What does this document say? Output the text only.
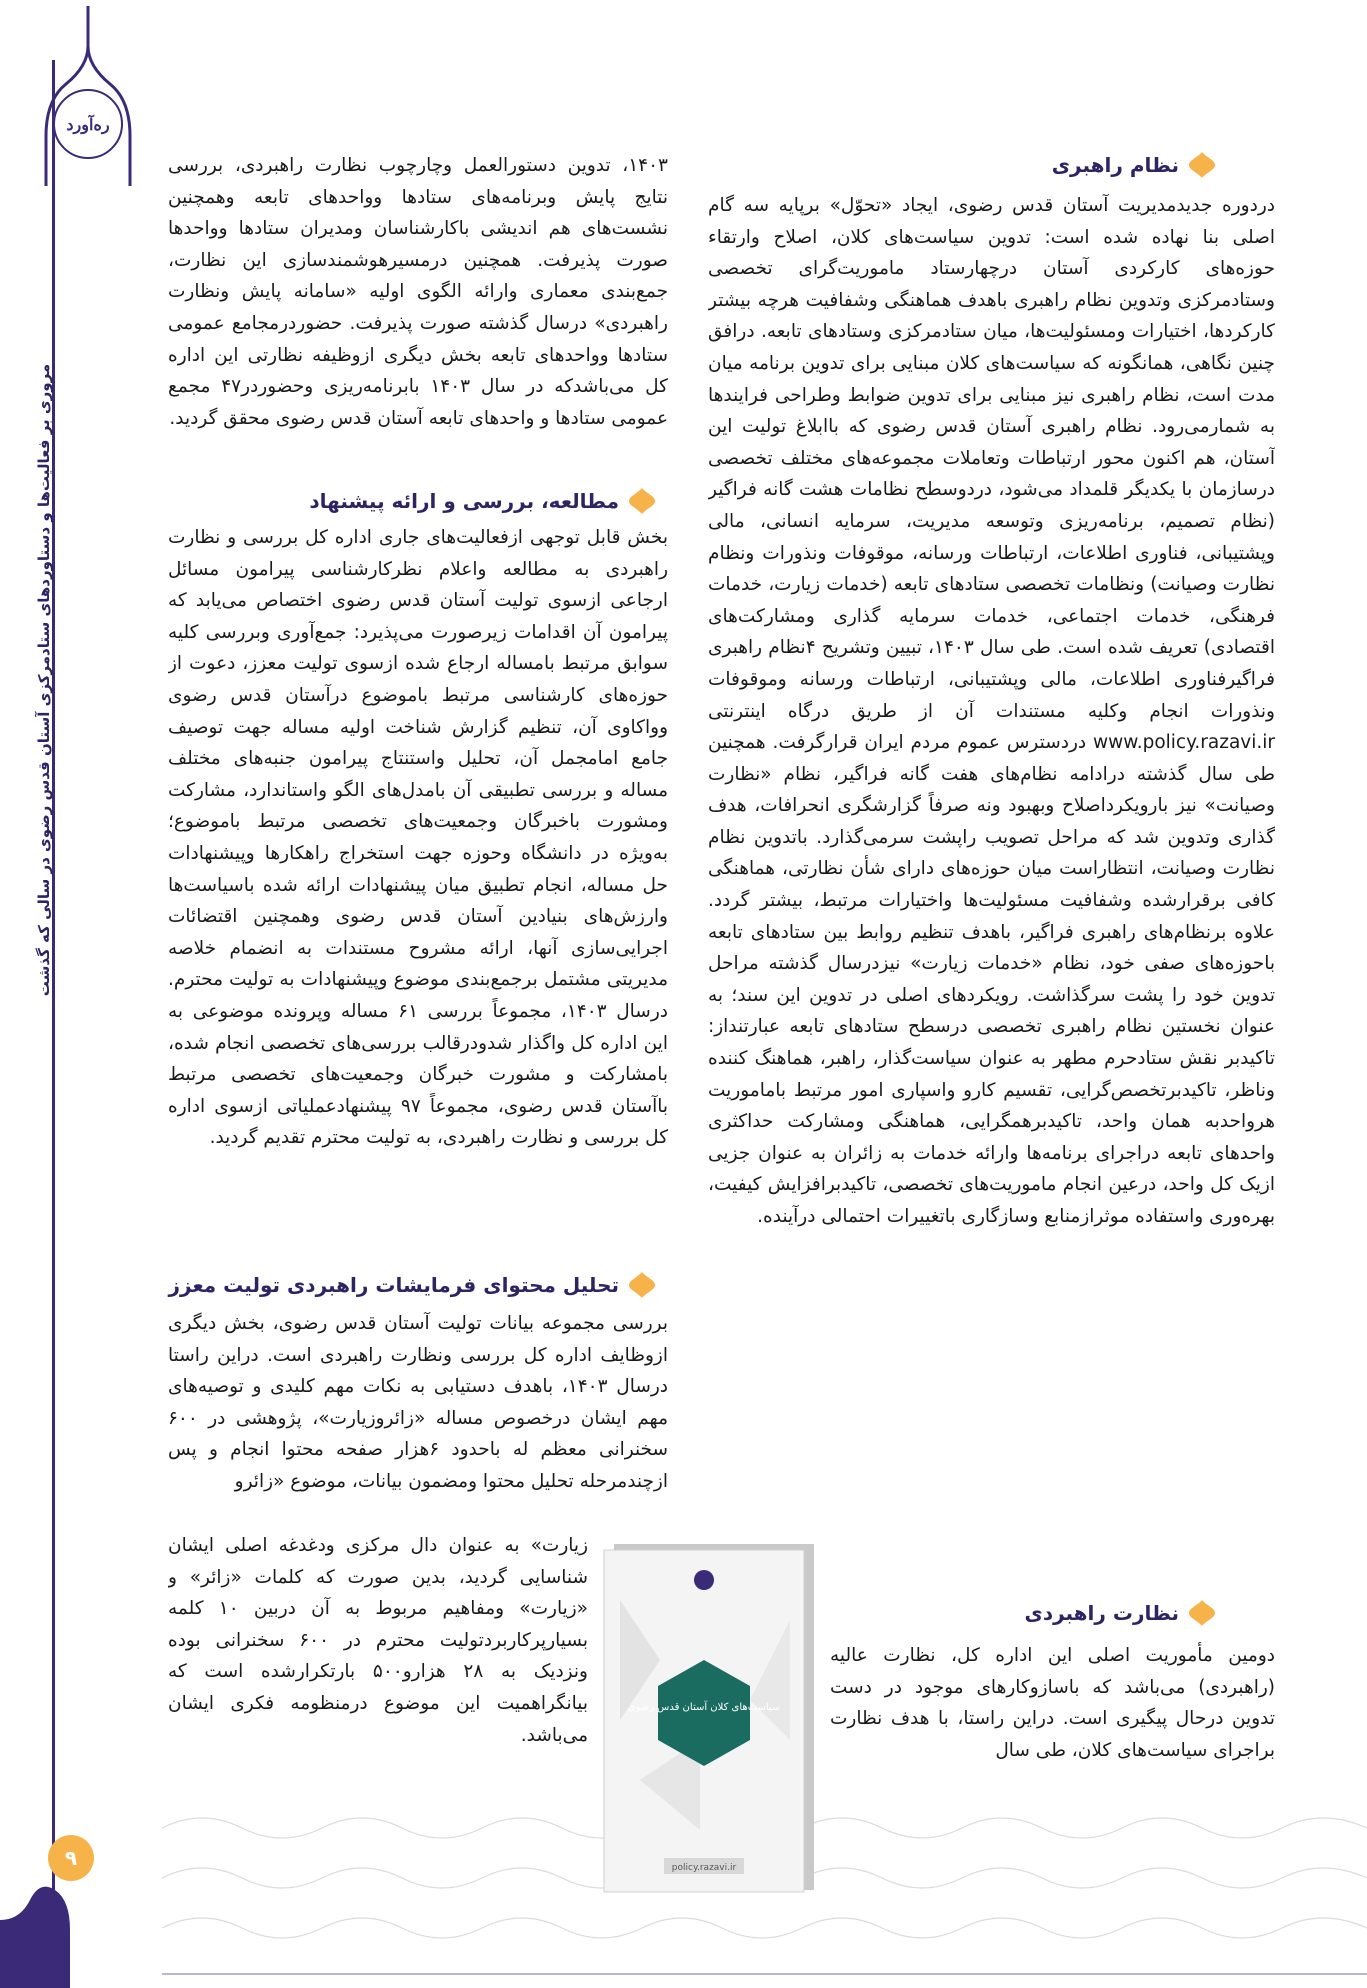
ره‌آورد
مروری بر فعالیت‌ها و دستاوردهای ستادمرکزی آستان قدس رضوی در سالی که گذشت
۹
نظام راهبری

دردوره جدیدمدیریت آستان قدس رضوی، ایجاد «تحوّل» برپایه سه گام اصلی بنا نهاده شده است: تدوین سیاست‌های کلان، اصلاح وارتقاء حوزه‌های کارکردی آستان درچهارستاد ماموریت‌گرای تخصصی وستادمرکزی وتدوین نظام راهبری باهدف هماهنگی وشفافیت هرچه بیشتر کارکردها، اختیارات ومسئولیت‌ها، میان ستادمرکزی وستادهای تابعه. درافق چنین نگاهی، همانگونه که سیاست‌های کلان مبنایی برای تدوین برنامه میان مدت است، نظام راهبری نیز مبنایی برای تدوین ضوابط وطراحی فرایندها به شمارمی‌رود. نظام راهبری آستان قدس رضوی که باابلاغ تولیت این آستان، هم اکنون محور ارتباطات وتعاملات مجموعه‌های مختلف تخصصی درسازمان با یکدیگر قلمداد می‌شود، دردوسطح نظامات هشت گانه فراگیر (نظام تصمیم، برنامه‌ریزی وتوسعه مدیریت، سرمایه انسانی، مالی وپشتیبانی، فناوری اطلاعات، ارتباطات ورسانه، موقوفات ونذورات ونظام نظارت وصیانت) ونظامات تخصصی ستادهای تابعه (خدمات زیارت، خدمات فرهنگی، خدمات اجتماعی، خدمات سرمایه گذاری ومشارکت‌های اقتصادی) تعریف شده است. طی سال ۱۴۰۳، تبیین وتشریح ۴نظام راهبری فراگیرفناوری اطلاعات، مالی وپشتیبانی، ارتباطات ورسانه وموقوفات ونذورات انجام وکلیه مستندات آن از طریق درگاه اینترنتی www.policy.razavi.ir دردسترس عموم مردم ایران قرارگرفت. همچنین طی سال گذشته درادامه نظام‌های هفت گانه فراگیر، نظام «نظارت وصیانت» نیز بارویکرداصلاح وبهبود ونه صرفاً گزارشگری انحرافات، هدف گذاری وتدوین شد که مراحل تصویب راپشت سرمی‌گذارد. باتدوین نظام نظارت وصیانت، انتظاراست میان حوزه‌های دارای شأن نظارتی، هماهنگی کافی برقرارشده وشفافیت مسئولیت‌ها واختیارات مرتبط، بیشتر گردد. علاوه برنظام‌های راهبری فراگیر، باهدف تنظیم روابط بین ستادهای تابعه باحوزه‌های صفی خود، نظام «خدمات زیارت» نیزدرسال گذشته مراحل تدوین خود را پشت سرگذاشت. رویکردهای اصلی در تدوین این سند؛ به عنوان نخستین نظام راهبری تخصصی درسطح ستادهای تابعه عبارتنداز: تاکیدبر نقش ستادحرم مطهر به عنوان سیاست‌گذار، راهبر، هماهنگ کننده وناظر، تاکیدبرتخصص‌گرایی، تقسیم کارو واسپاری امور مرتبط باماموریت هرواحدبه همان واحد، تاکیدبرهمگرایی، هماهنگی ومشارکت حداکثری واحدهای تابعه دراجرای برنامه‌ها وارائه خدمات به زائران به عنوان جزیی ازیک کل واحد، درعین انجام ماموریت‌های تخصصی، تاکیدبرافزایش کیفیت، بهره‌وری واستفاده موثرازمنابع وسازگاری باتغییرات احتمالی درآینده.

نظارت راهبردی

دومین مأموریت اصلی این اداره کل، نظارت عالیه (راهبردی) می‌باشد که باسازوکارهای موجود در دست تدوین درحال پیگیری است. دراین راستا، با هدف نظارت براجرای سیاست‌های کلان، طی سال

۱۴۰۳، تدوین دستورالعمل وچارچوب نظارت راهبردی، بررسی نتایج پایش وبرنامه‌های ستادها وواحدهای تابعه وهمچنین نشست‌های هم اندیشی باکارشناسان ومدیران ستادها وواحدها صورت پذیرفت. همچنین درمسیرهوشمندسازی این نظارت، جمع‌بندی معماری وارائه الگوی اولیه «سامانه پایش ونظارت راهبردی» درسال گذشته صورت پذیرفت. حضوردرمجامع عمومی ستادها وواحدهای تابعه بخش دیگری ازوظیفه نظارتی این اداره کل می‌باشدکه در سال ۱۴۰۳ بابرنامه‌ریزی وحضوردر۴۷ مجمع عمومی ستادها و واحدهای تابعه آستان قدس رضوی محقق گردید.

مطالعه، بررسی و ارائه پیشنهاد

بخش قابل توجهی ازفعالیت‌های جاری اداره کل بررسی و نظارت راهبردی به مطالعه واعلام نظرکارشناسی پیرامون مسائل ارجاعی ازسوی تولیت آستان قدس رضوی اختصاص می‌یابد که پیرامون آن اقدامات زیرصورت می‌پذیرد: جمع‌آوری وبررسی کلیه سوابق مرتبط بامساله ارجاع شده ازسوی تولیت معزز، دعوت از حوزه‌های کارشناسی مرتبط باموضوع درآستان قدس رضوی وواکاوی آن، تنظیم گزارش شناخت اولیه مساله جهت توصیف جامع امامجمل آن، تحلیل واستنتاج پیرامون جنبه‌های مختلف مساله و بررسی تطبیقی آن بامدل‌های الگو واستاندارد، مشارکت ومشورت باخبرگان وجمعیت‌های تخصصی مرتبط باموضوع؛ به‌ویژه در دانشگاه وحوزه جهت استخراج راهکارها وپیشنهادات حل مساله، انجام تطبیق میان پیشنهادات ارائه شده باسیاست‌ها وارزش‌های بنیادین آستان قدس رضوی وهمچنین اقتضائات اجرایی‌سازی آنها، ارائه مشروح مستندات به انضمام خلاصه مدیریتی مشتمل برجمع‌بندی موضوع وپیشنهادات به تولیت محترم. درسال ۱۴۰۳، مجموعاً بررسی ۶۱ مساله وپرونده موضوعی به این اداره کل واگذار شدودرقالب بررسی‌های تخصصی انجام شده، بامشارکت و مشورت خبرگان وجمعیت‌های تخصصی مرتبط باآستان قدس رضوی، مجموعاً ۹۷ پیشنهادعملیاتی ازسوی اداره کل بررسی و نظارت راهبردی، به تولیت محترم تقدیم گردید.

تحلیل محتوای فرمایشات راهبردی تولیت معزز

بررسی مجموعه بیانات تولیت آستان قدس رضوی، بخش دیگری ازوظایف اداره کل بررسی ونظارت راهبردی است. دراین راستا درسال ۱۴۰۳، باهدف دستیابی به نکات مهم کلیدی و توصیه‌های مهم ایشان درخصوص مساله «زائروزیارت»، پژوهشی در ۶۰۰ سخنرانی معظم له باحدود ۶هزار صفحه محتوا انجام و پس ازچندمرحله تحلیل محتوا ومضمون بیانات، موضوع «زائرو

زیارت» به عنوان دال مرکزی ودغدغه اصلی ایشان شناسایی گردید، بدین صورت که کلمات «زائر» و «زیارت» ومفاهیم مربوط به آن دربین ۱۰ کلمه بسیارپرکاربردتولیت محترم در ۶۰۰ سخنرانی بوده ونزدیک به ۲۸ هزارو۵۰۰ بارتکرارشده است که بیانگراهمیت این موضوع درمنظومه فکری ایشان می‌باشد.

سیاست‌های کلان آستان قدس رضوی
policy.razavi.ir
